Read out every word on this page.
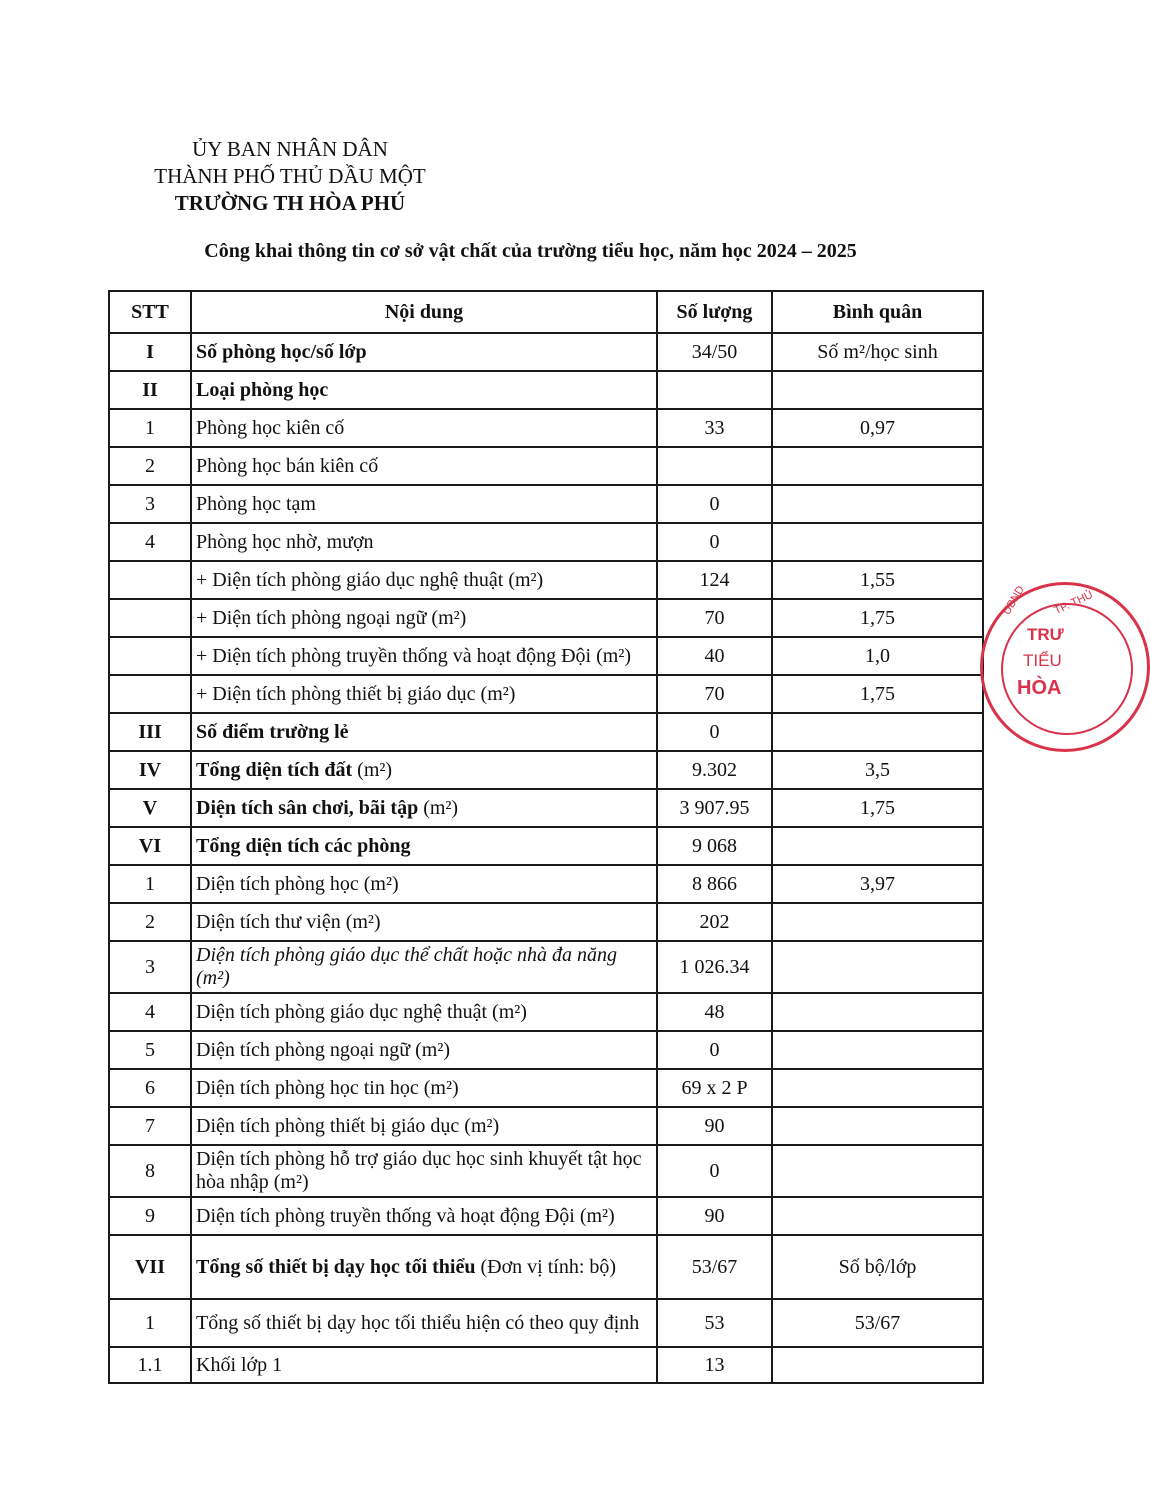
ỦY BAN NHÂN DÂN
THÀNH PHỐ THỦ DẦU MỘT
TRƯỜNG TH HÒA PHÚ
Công khai thông tin cơ sở vật chất của trường tiểu học, năm học 2024 – 2025
STT	Nội dung	Số lượng	Bình quân
I	Số phòng học/số lớp	34/50	Số m²/học sinh
II	Loại phòng học		
1	Phòng học kiên cố	33	0,97
2	Phòng học bán kiên cố		
3	Phòng học tạm	0	
4	Phòng học nhờ, mượn	0	
	+ Diện tích phòng giáo dục nghệ thuật (m²)	124	1,55
	+ Diện tích phòng ngoại ngữ (m²)	70	1,75
	+ Diện tích phòng truyền thống và hoạt động Đội (m²)	40	1,0
	+ Diện tích phòng thiết bị giáo dục (m²)	70	1,75
III	Số điểm trường lẻ	0	
IV	Tổng diện tích đất (m²)	9.302	3,5
V	Diện tích sân chơi, bãi tập (m²)	3 907.95	1,75
VI	Tổng diện tích các phòng	9 068	
1	Diện tích phòng học (m²)	8 866	3,97
2	Diện tích thư viện (m²)	202	
3	Diện tích phòng giáo dục thể chất hoặc nhà đa năng (m²)	1 026.34	
4	Diện tích phòng giáo dục nghệ thuật (m²)	48	
5	Diện tích phòng ngoại ngữ (m²)	0	
6	Diện tích phòng học tin học (m²)	69 x 2 P	
7	Diện tích phòng thiết bị giáo dục (m²)	90	
8	Diện tích phòng hỗ trợ giáo dục học sinh khuyết tật học hòa nhập (m²)	0	
9	Diện tích phòng truyền thống và hoạt động Đội (m²)	90	
VII	Tổng số thiết bị dạy học tối thiểu (Đơn vị tính: bộ)	53/67	Số bộ/lớp
1	Tổng số thiết bị dạy học tối thiểu hiện có theo quy định	53	53/67
1.1	Khối lớp 1	13	
TP. THỦ
UBND
TRƯ
TIỂU
HÒA
